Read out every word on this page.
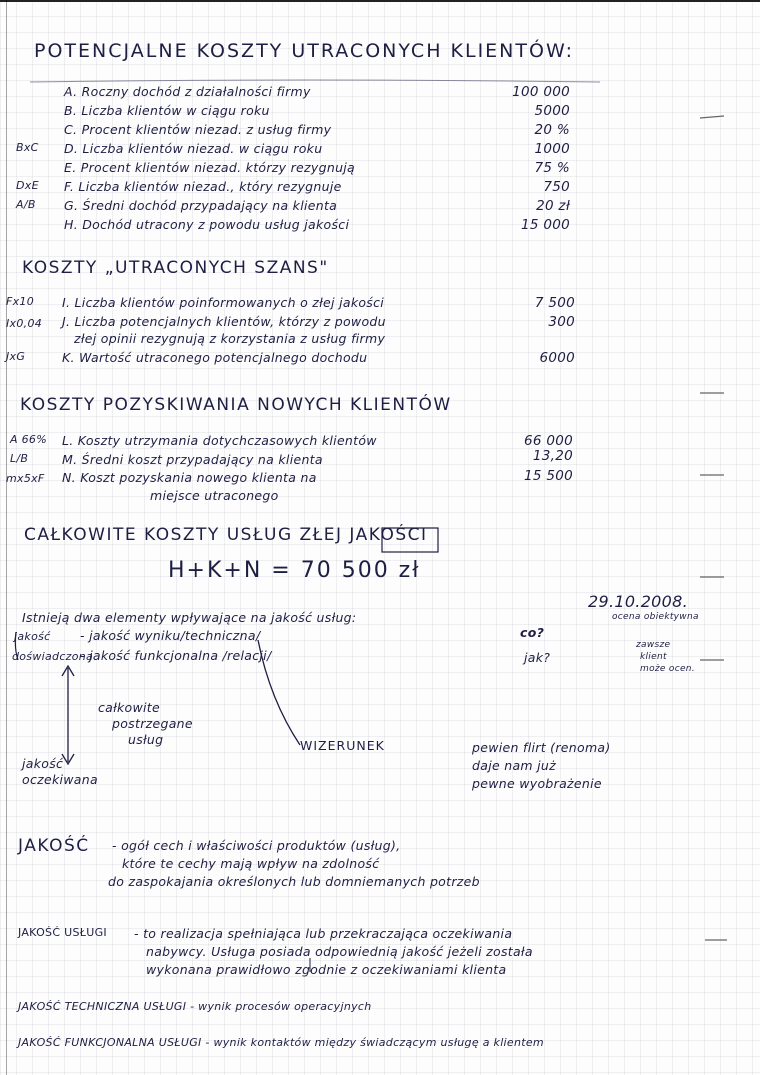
POTENCJALNE KOSZTY UTRACONYCH KLIENTÓW:
A. Roczny dochód z działalności firmy	100 000
B. Liczba klientów w ciągu roku	5000
C. Procent klientów niezad. z usług firmy	20 %
BxC D. Liczba klientów niezad. w ciągu roku	1000
E. Procent klientów niezad. którzy rezygnują	75 %
DxE F. Liczba klientów niezad., który rezygnuje	750
A/B G. Średni dochód przypadający na klienta	20 zł
H. Dochód utracony z powodu usług jakości	15 000
KOSZTY „UTRACONYCH SZANS"
Fx10 I. Liczba klientów poinformowanych o złej jakości	7 500
Ix0,04 J. Liczba potencjalnych klientów, którzy z powodu	300
złej opinii rezygnują z korzystania z usług firmy
JxG	K. Wartość utraconego potencjalnego dochodu	6000
KOSZTY POZYSKIWANIA NOWYCH KLIENTÓW
A 66% L. Koszty utrzymania dotychczasowych klientów	66 000
L/B	M. Średni koszt przypadający na klienta	13,20
mx5xF N. Koszt pozyskania nowego klienta na	15 500
miejsce utraconego
CAŁKOWITE KOSZTY USŁUG ZŁEJ JAKOŚCI
H+K+N = 70 500 zł
29.10.2008.
Istnieją dwa elementy wpływające na jakość usług:
jakość - jakość wyniku/techniczna/	co?
ocena obiektywna
doświadczona
- jakość funkcjonalna /relacji/	jak?
zawsze
klient
może ocen.
całkowite
postrzegane
usług	WIZERUNEK	pewien flirt (renoma)
daje nam już
pewne wyobrażenie
jakość
oczekiwana
JAKOŚĆ - ogół cech i właściwości produktów (usług),
które te cechy mają wpływ na zdolność
do zaspokajania określonych lub domniemanych potrzeb
JAKOŚĆ USŁUGI - to realizacja spełniająca lub przekraczająca oczekiwania
nabywcy. Usługa posiada odpowiednią jakość jeżeli została
wykonana prawidłowo zgodnie z oczekiwaniami klienta
JAKOŚĆ TECHNICZNA USŁUGI - wynik procesów operacyjnych
JAKOŚĆ FUNKCJONALNA USŁUGI - wynik kontaktów między świadczącym usługę a klientem
